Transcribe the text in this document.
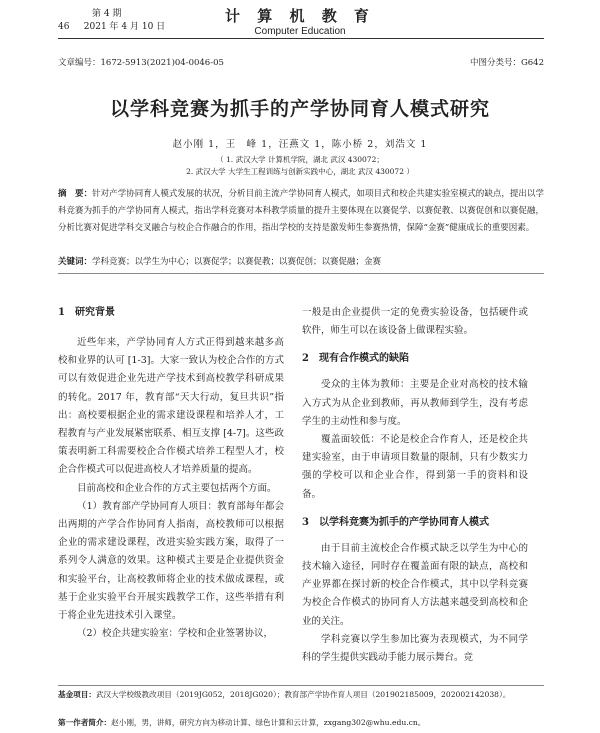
第 4 期
46 2021 年 4 月 10 日
计 算 机 教 育
Computer Education
文章编号：1672-5913(2021)04-0046-05	中图分类号：G642
以学科竞赛为抓手的产学协同育人模式研究
赵小刚 1，王　峰 1，汪燕文 1，陈小桥 2，刘浩文 1
（ 1. 武汉大学 计算机学院，湖北 武汉 430072；
2. 武汉大学 大学生工程训练与创新实践中心，湖北 武汉 430072 ）
摘　要：针对产学协同育人模式发展的状况，分析目前主流产学协同育人模式，如项目式和校企共建实验室模式的缺点，提出以学科竞赛为抓手的产学协同育人模式，指出学科竞赛对本科教学质量的提升主要体现在以赛促学、以赛促教、以赛促创和以赛促融，分析比赛对促进学科交叉融合与校企合作融合的作用，指出学校的支持是激发师生参赛热情，保障“金赛”健康成长的重要因素。
关键词：学科竞赛；以学生为中心；以赛促学；以赛促教；以赛促创；以赛促融；金赛
1　研究背景

近些年来，产学协同育人方式正得到越来越多高校和业界的认可 [1-3]。大家一致认为校企合作的方式可以有效促进企业先进产学技术到高校教学科研成果的转化。2017 年，教育部“天大行动，复旦共识”指出：高校要根据企业的需求建设课程和培养人才，工程教育与产业发展紧密联系、相互支撑 [4-7]。这些政策表明新工科需要校企合作模式培养工程型人才，校企合作模式可以促进高校人才培养质量的提高。

目前高校和企业合作的方式主要包括两个方面。

（1）教育部产学协同育人项目：教育部每年都会出两期的产学合作协同育人指南，高校教师可以根据企业的需求建设课程，改进实验实践方案，取得了一系列令人满意的效果。这种模式主要是企业提供资金和实验平台，让高校教师将企业的技术做成课程，或基于企业实验平台开展实践教学工作，这些举措有利于将企业先进技术引入课堂。

（2）校企共建实验室：学校和企业签署协议，

一般是由企业提供一定的免费实验设备，包括硬件或软件，师生可以在该设备上做课程实验。

2　现有合作模式的缺陷

受众的主体为教师：主要是企业对高校的技术输入方式为从企业到教师，再从教师到学生，没有考虑学生的主动性和参与度。

覆盖面较低：不论是校企合作育人，还是校企共建实验室，由于申请项目数量的限制，只有少数实力强的学校可以和企业合作，得到第一手的资料和设备。

3　以学科竞赛为抓手的产学协同育人模式

由于目前主流校企合作模式缺乏以学生为中心的技术输入途径，同时存在覆盖面有限的缺点，高校和产业界都在探讨新的校企合作模式，其中以学科竞赛为校企合作模式的协同育人方法越来越受到高校和企业的关注。

学科竞赛以学生参加比赛为表现模式，为不同学科的学生提供实践动手能力展示舞台。竞

基金项目：武汉大学校级教改项目（2019JG052，2018JG020）；教育部产学协作育人项目（201902185009，202002142038）。
第一作者简介：赵小刚，男，讲师，研究方向为移动计算、绿色计算和云计算，zxgang302@whu.edu.cn。
